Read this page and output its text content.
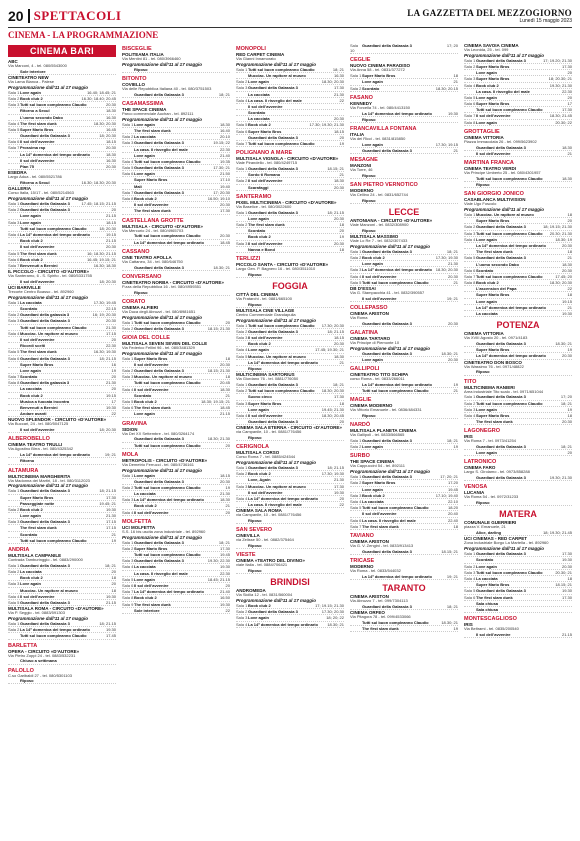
20 SPETTACOLI	LA GAZZETTA DEL MEZZOGIORNO
Lunedì 15 maggio 2023
CINEMA - LA PROGRAMMAZIONE
CINEMA BARI
ABC
Via Marconi, 4 - tel. 080/5543000
Sole interiore
CINETEATRO NEW
Via Lama Bianca - Palese
Programmazione dall’11 al 17 maggio
Sala 1 Love again	16.40; 18.45; 21
Sala 2 Book club 2	16.30; 18.40; 20.45
Sala 3 Tutti sul buon compleanno Claudio	20.30
Ritorno a Seoul	18.30
L’uomo secondo Dabo	16.30
Sala 4 The first slam dunk	18.30; 20.30
Sala 5 Super Mario Bros	16.45
Guardiani della Galassia 3	18; 20.30
Sala 6 Il sol dell’avvenire	18.15
Sala 7 Prossima rap	20.30
La 14ª domenica del tempo ordinario	18.30
Il sol dell’avvenire	16.30
Plan 75	20.30
ESEDRA
Largo Adua - tel. 080/5521786
Ritorno a Seoul	16.30; 18.30; 20.30
GALLERIA
Corso Italia, 15/17 - tel. 080/5214563
Programmazione dall’11 al 17 maggio
Sala 1 Guardiani della Galassia 3	17.45; 18.15; 21.15
Sala 2 Guardiani della Galassia 3	20
Love again	21.15
Sala 3 Love again	18.15
Tutti sul buon compleanno Claudio	18; 20.30
Sala 4 La 14ª domenica del tempo ordinario	19.15
Book club 2	21.15
Il sol dell’avvenire	20.30
Sala 5 The first slam dunk	16; 18.30; 21.15
Sala 6 Book club 2	16.45; 19.15; 21
Sala 7 Benvenuti a Bernini	16.30; 18.30
IL PICCOLO - CIRCUITO «D’AUTORE»
Via Santeramo, 6 - S. Spirito - tel. 080/5331755
Il sol dell’avvenire	18; 20.30
UCI BARIVILLE
Trecorte Centro Boasso - tel. 892960
Programmazione dall’11 al 17 maggio
Sala 1 La cacciata	17.30; 19.45
Scordato	22.15
Sala 2 Guardiani della galassia 3	16; 19; 20.30
Sala 3 Guardiani della Galassia 3	20.30
Tutti sul buon compleanno Claudio	21.30
Sala 4 Mucciac. Un rapitore al museo	17.15
Il sol dell’avvenire	20
Ricordi scelti	22.30
Sala 5 The first slam dunk	16.30; 19.30
Sala 6 Guardiani della Galassia 3	18; 21.15
Super Mario Bros	16
Love again	19
Sala 7 Scordato	20
Sala 8 Guardiani della galassia 3	21.30
La cacciata	20
Book club 2	19.15
Musica a fuocata incontra	17
Benvenuti a Bernini	19.30
Andare avanti	22
NUOVO SPLENDOR - CIRCUITO «D’AUTORE»
Via Buccari, 24 - tel. 080/5047125
Il sol dell’avvenire	18; 20.30
ALBEROBELLO
CINEMA TEATRO TRULLI
Via Agostino Birra - tel. 080/4325342
La 14ª domenica del tempo ordinario	19; 21
Ritorno
ALTAMURA
MULTICINEMA MARGHERITA
Via Madonna dei Martiri, 18 - tel. 080/3112023
Programmazione dall’11 al 17 maggio
Sala 1 Guardiani della Galassia 3	18; 21.15
Super Mario Bros	17.30
Passeggiate notte	19.45; 21
Sala 2 Book club 2	19.30
Love again	21.30
Sala 3 Guardiani della Galassia 3	17.15
The first slam dunk	17.15
Scordato	21
Tutti sul buon compleanno Claudio	19
ANDRIA
MULTISALA CAMPANILE
Contrada Tamburinggio - tel. 0883/290000
Sala 1 Guardiani della Galassia 3	18; 21
Sala 2 La cacciata	20
Book club 2	18
Sala 3 Love again	20
Mucciac. Un rapitore al museo	18
Sala 4 Il sol dell’avvenire	19.30
Sala 5 Guardiani della Galassia 3	21.15
MULTISALA ROMA - CIRCUITO «D’AUTORE»
Via P. Seggio - tel. 0883/591303
Programmazione dall’11 al 17 maggio
Sala 1 Guardiani della Galassia 3	18; 21.15
Sala 2 La 14ª domenica del tempo ordinario	19.30
Tutti sul buon compleanno Claudio	17.45
BARLETTA
OPERA - CIRCUITO «D’AUTORE»
Via Pietro Zoppi 24 - tel. 0883/532231
Chiuso a settimana
PALOLLO
C.so Garibaldi 27 - tel. 080/5301103
Riposo
BISCEGLIE
POLITEAMA ITALIA
Via Mentini 81 - tel. 080/3966460
Programmazione dall’11 al 17 maggio
Riposo
BITONTO
COVIELLO
Via delle Repubblica Italiana 40 - tel. 080/3751503
Guardiani della Galassia 3	18; 21
CASAMASSIMA
THE SPACE CINEMA
Parco commerciale Auchan - tel. 892111
Programmazione dall’11 al 17 maggio
Sala 1 Love again	18.30
The first slam dunk	16.40
Sala 2 La cacciata	20.10
Sala 3 Guardiani della Galassia 3	19.15; 22
La casa. Il risveglio del male	22.30
Love again	21.40
Sala 4 Tutti sul buon compleanno Claudio	19.35
Sala 5 Guardiani della Galassia 3	17.30; 21
Sala 6 Love again	21.50
Super Mario Bros	17.10
Mali	19.40
Sala 7 Guardiani della Galassia 3	17; 20.30
Sala 8 Book club 2	16.50; 19.10
Il sol dell’avvenire	20.30
The first slam dunk	17.30
CASTELLANA GROTTE
MULTISALA - CIRCUITO «D’AUTORE»
Via Mercurio 24 - tel. 080/4965703
Tutti sul buon compleanno Claudio	20.30
La 14ª domenica del tempo ordinario	18.45
CASSANO
CINE TEATRO APOLLA
Via Cattaneo, 34 - tel. 080/646750
Guardiani della Galassia 3	18.30; 21
CONVERSANO
CINETEATRO NORBA - CIRCUITO «D’AUTORE»
P.zza della Repubblica 16 - tel. 080/4959351
Riposo
CORATO
CINEMA ALFIERI
Via Duca degli Abruzzi - tel. 080/8981651
Programmazione dall’11 al 17 maggio
Sala 1 Tutti sul buon compleanno Claudio	20
Sala 2 Guardiani della Galassia 3	18.15; 21.30
GIOIA DEL COLLE
MULTISALA SEVEN SEVEN DEL COLLE
Via Federico Fellini 96 - tel. 080/3481329
Programmazione dall’11 al 17 maggio
Sala 1 Super Mario Bros	18
Il sol dell’avvenire	20.30
Sala 2 Guardiani della Galassia 3	18.15; 21.30
Sala 3 Mucciac. Un rapitore al museo	18
Tutti sul buon compleanno Claudio	20.45
Sala 4 Il sol dell’avvenire	18.30
Scordato	21
Sala 5 Book club 2	18.30; 19.15; 21
Sala 6 The first slam dunk	18.45
Love again	21.15
GRAVINA
SIDION
Via Dei XX Settembre - tel. 080/3264174
Guardiani della Galassia 3	18.30; 21.30
Tutti sul buon compleanno Claudio	20
MOLA
METROPOLIS - CIRCUITO «D’AUTORE»
Via Demetrio Ferrucci - tel. 080/4736161
Programmazione dall’11 al 17 maggio
Sala 1 Love again	18.15
Guardiani della Galassia 3	20.30
Sala 2 Tutti sul buon compleanno Claudio	19
La cacciata	21.30
Sala 3 La 14ª domenica del tempo ordinario	18.30
Book club 2	21
Sala 4 Il sol dell’avvenire	20
MOLFETTA
UCI MOLFETTA
S.S. 16 bis uscita zona industriale - tel. 892960
Programmazione dall’11 al 17 maggio
Sala 1 Guardiani della Galassia 3	18; 21
Sala 2 Super Mario Bros	17.30
Tutti sul buon compleanno Claudio	19.45
Sala 3 Guardiani della Galassia 3	19.30; 22.30
Sala 4 La cacciata	19.30
La casa. Il risveglio del male	22.30
Sala 5 Love again	18.45; 21.15
Sala 6 Il sol dell’avvenire	20
Sala 7 La 14ª domenica del tempo ordinario	21.40
Sala 8 Book club 2	16.50
Sala 9 The first slam dunk	19.30
Sole interiore	22
MONOPOLI
RED CARPET CINEMA
Via Gianni Innamorato
Programmazione dall’11 al 17 maggio
Sala 1 Tutti sul buon compleanno Claudio	18; 21
Mucciac. Un rapitore al museo	16.30
Sala 2 Love again	18.30; 20.30
Sala 3 Guardiani della Galassia 3	17.30
La cacciata	21.30
Sala 4 La casa. Il risveglio del male	22
Il sol dell’avvenire
Scordato
La cacciata	20.30
Sala 5 Book club 2	17.30; 19.30; 21.30
Sala 6 Super Mario Bros	18.15
Guardiani della Galassia 3	20
Sala 7 Tutti sul buon compleanno Claudio	19
POLIGNANO A MARE
MULTISALA VIGNOLA - CIRCUITO «D’AUTORE»
Viale Pirandello - tel. 080/4249715
Sala 1 Guardiani della Galassia 3	18.15; 21
Sordo ti Romano	21
Sala 2 Il sol dell’avvenire	18.30
Scarafaggi	20.30
SANTERAMO
PIXEL MULTICINEMA - CIRCUITO «D’AUTORE»
Via Baselice - tel. 080/3022600
Sala 1 Guardiani della Galassia 3	18; 21.15
Love again	20.30
Sala 2 The first slam dunk	18
Scordato	20
Book club 2	19
Sala 3 Il sol dell’avvenire	20.30
Nanna e Bond	18
TERLIZZI
PICCOLO SANTA - CIRCUITO «D’AUTORE»
Largo Gen. P. Bagnero 16 - tel. 080/3511010
Riposo
FOGGIA
CITTÀ DEL CINEMA
Via Fratarchi - tel. 0881/665100
Riposo
MULTISALA CINE VILLAGE
Centro Commerciale Grandapulia
Programmazione dall’11 al 17 maggio
Sala 1 Tutti sul buon compleanno Claudio	17.30; 20.30
Sala 2 Guardiani della Galassia 3	18; 21.15
Sala 3 Il sol dell’avvenire	18.15
Book club 2	20.30
Sala 4 Love again	17.45; 19.30; 21
Sala 5 Mucciac. Un rapitore al museo	18.30
La 14ª domenica del tempo ordinario	21
Riposo
MULTICINEMA SARTORIUS
Via Giordano 76 - tel. 0881/776050
Sala 1 Guardiani della Galassia 3	18; 21
Sala 2 Tutti sul buon compleanno Claudio	18.30; 20.30
Suono cieco	17.30
Sala 3 Super Mario Bros	18
Love again	19.45; 21.30
Sala 4 Il sol dell’avvenire	18.30; 20.45
Guardiani della Galassia 3	20
CINEMA SALA ETERNA - CIRCUITO «D’AUTORE»
via Campanile, 10 - tel. 0881/776456
Riposo
CERIGNOLA
MULTISALA CORSO
Corso Roma 7 - tel. 0885/424544
Programmazione dall’11 al 17 maggio
Sala 1 Guardiani della Galassia 3	18; 21.15
Sala 2 Book club 2	17.30; 19.30
Love, Again	21.30
Sala 3 Mucciac. Un rapitore al museo	17.30
Il sol dell’avvenire	19.30
Sala 4 La 14ª domenica del tempo ordinario	20
La casa. Il risveglio del male	22
CINEMA SALA ROMA
via Campanile, 10 - tel. 0881/776456
Riposo
SAN SEVERO
CINEVILLA
via Zelisse 50 - tel. 0882/375464
Riposo
VIESTE
CINEMA «TEATRO DEL DIVINO»
viale Italia - tel. 0884/706421
Riposo
BRINDISI
ANDROMEDA
Via Sicilia 12 - tel. 0831/560004
Programmazione dall’11 al 17 maggio
Sala 1 Book club 2	17; 19.15; 21.30
Sala 2 Guardiani della Galassia 3	17.30; 20.30
Sala 3 Love again	18; 20; 22
Sala 4 La 14ª domenica del tempo ordinario	18.30; 21
Sala 10
Guardiani della Galassia 3	17; 20
CEGLIE
NUOVO CINEMA PARADISO
Via Anna 58 - tel. 0831/377272
Sala 1 Super Mario Bros	18
Love again	21
Sala 2 Scordato	18.30; 20.15
FASANO
KENNEDY
Via Forcella 74 - tel. 080/4413150
La 14ª domenica del tempo ordinario	19.30
Riposo
FRANCAVILLA FONTANA
ITALIA
Via dei Ricci - tel. 0831/815850
Love again	17.30; 19.15
Guardiani della Galassia 3	21
MESAGNE
MANZONI
Via Torre, 46
Riposo
SAN PIETRO VERNOTICO
MODERNO
Via Cellino 24 - tel. 0831/652744
Riposo
LECCE
ANTONIANA - CIRCUITO «D’AUTORE»
Viale Manzoni - tel. 0832/308900
Riposo
MULTISALA MASSIMO
Viale Lo Re 7 - tel. 0832/307433
Programmazione dall’11 al 17 maggio
Sala 1 Guardiani della Galassia 3	18; 21
Sala 2 Book club 2	17.30; 19.30
Love again	21.30
Sala 3 La 14ª domenica del tempo ordinario 18.30; 20.30
Sala 4 Il sol dell’avvenire	20.30
Sala 5 Tutti sul buon compleanno Claudio	21
DB D’ESSAI
Via G. Stampacchia 41 - tel. 0832/390557
Il sol dell’avvenire	19; 21
COLLEPASSO
CINEMA ARISTON
Via Roma
Guardiani della Galassia 3	20.30
GALATINA
CINEMA TARTARO
Via Principe di Piemonte 10
Programmazione dall’11 al 17 maggio
Guardiani della Galassia 3	18.30; 21
Love again	20.30
GALLIPOLI
CINETEATRO TITO SCHIPA
corso Roma - tel. 0833/266011
La 14ª domenica del tempo ordinario	19
Tutti sul buon compleanno Claudio	21
MAGLIE
CINEMA MODERNO
Via Vittorio Emanuele - tel. 0836/484331
Riposo
NARDÒ
MULTISALA PLANETA CINEMA
Via Gallipoli - tel. 0833/566565
Sala 1 Guardiani della Galassia 3	18; 21
Sala 2 Love again	19
SURBO
THE SPACE CINEMA
Via Cappuccini 54 - tel. 892111
Programmazione dall’11 al 17 maggio
Sala 1 Guardiani della Galassia 3	17; 20; 21
Sala 2 Super Mario Bros	17.20
Love again	19.45
Sala 3 Book club 2	17.10; 19.40
Sala 4 La cacciata	22.10
Sala 5 Tutti sul buon compleanno Claudio	18.20
Il sol dell’avvenire	20.40
Sala 6 La casa. Il risveglio del male	22.40
Sala 7 The first slam dunk	18
TAVIANO
CINEMA ARISTON
Via G. V. Zengini - tel. 0833/913413
Guardiani della Galassia 3	18.15; 21
TRICASE
MODERNO
Via Roma - tel. 0833/544032
La 14ª domenica del tempo ordinario	19; 21
TARANTO
CINEMA ARISTON
Via Abruzzo 7 - tel. 099/7304113
Guardiani della Galassia 3	18; 21
CINEMA ORFEO
Via Pitagora 78 - tel. 099/4533066
Tutti sul buon compleanno Claudio	18.30; 21
The first slam dunk	19
CINEMA SAVOIA CINEMA
Via Leonida, 25 - tel. 099
Programmazione dall’11 al 17 maggio
Sala 1 Guardiani della Galassia 3	17; 19.20; 21.30
Sala 2 Super Mario Bros	17.30
Love again	20
Sala 3 Super Mario Bros	18; 20.30; 21
Sala 4 Book club 2	19.30; 21.30
La casa. Il risveglio del male	22.30
Sala 5 Love again	20
Sala 6 Super Mario Bros	17
Tutti sul buon compleanno Claudio	17.30
Sala 7 Il sol dell’avvenire	18.30; 21.45
Sala 8 Love again	20.30; 22
GROTTAGLIE
CINEMA VITTORIA
Piazza Immacolata 26 - tel. 099/5623902
Guardiani della Galassia 3	18.30
Il sol dell’avvenire	21
MARTINA FRANCA
CINEMA TEATRO VERDI
Via Principe Umberto 25 - tel. 080/4301957
Tutti sul buon compleanno Claudio	18.30
Riposo
SAN GIORGIO JONICO
CASABLANCA MULTIVISION
Viale Ugo Foscolo
Programmazione dall’11 al 17 maggio
Sala 1 Mucciac. Un rapitore al museo	18
Super Mario Bros	20
Sala 2 Guardiani della Galassia 3	18; 19.15; 21.30
Sala 3 Tutti sul buon compleanno Claudio	20.30; 21.30
Sala 4 Love again	18.30; 19
La 14ª domenica del tempo ordinario	20.30
The first slam dunk	18
Sala 5 Guardiani della Galassia 3	21
L’uomo secondo Dabo	18.30
Sala 6 Scordato	20.30
Sala 7 Tutti sul buon compleanno Claudio	17.45; 20
Sala 8 Book club 2	18.30; 20.30
L’ascension del Papa	22
Super Mario Bros	18
Love again	19.15
La 14ª domenica del tempo ordinario	21
La cacciata	19.30
POTENZA
CINEMA VITTORIA
Via XVIII Agosto 20 - tel. 0971/4183
Guardiani della Galassia 3	18.30; 21
Super Mario Bros	19
La 14ª domenica del tempo ordinario	20.30
CINETEATRO DON BOSCO
Via Wassimo 76 - tel. 0971/48822
Riposo
TITO
MULTICINEMA RANIERI
Area industriale Tito scalo - tel. 0971/651044
Sala 1 Guardiani della Galassia 3	17; 20
Sala 2 Tutti sul buon compleanno Claudio	18; 21
Sala 3 Love again	19
Sala 4 Super Mario Bros	18
The first slam dunk	20.30
LAGONEGRO
IRIS
Via Roma 7 - tel. 0973/41254
Guardiani della Galassia 3	18; 21
Love again	20
LATRONICO
CINEMA FARO
Largo S. Girolamo - tel. 0973/858288
Guardiani della Galassia 3	19.30; 21.30
VENOSA
LUCANIA
Via Roma 54 - tel. 0972/31233
Riposo
MATERA
COMUNALE GUERRIERI
piazza V. Emanuele, 21
Alice, darling	18; 19.30; 21.45
UCI CINEMAS - RED CARPET
Zona industriale Borgo La Martella - tel. 892960
Programmazione dall’11 al 17 maggio
Sala 1 Guardiani della Galassia 3	17.30
Scordato	19.30
Sala 2 Love again	20.30
Sala 3 Tutti sul buon compleanno Claudio	20.30; 21
Sala 4 La cacciata	18
Super Mario Bros	18.15; 21
Sala 5 Guardiani della Galassia 3	19.30
Sala 6 The first slam dunk	17.30
Sala chiusa
Sala chiusa
MONTESCAGLIOSO
IRIS
Via Beltrami - tel. 0835/200540
Il sol dell’avvenire	21.15
